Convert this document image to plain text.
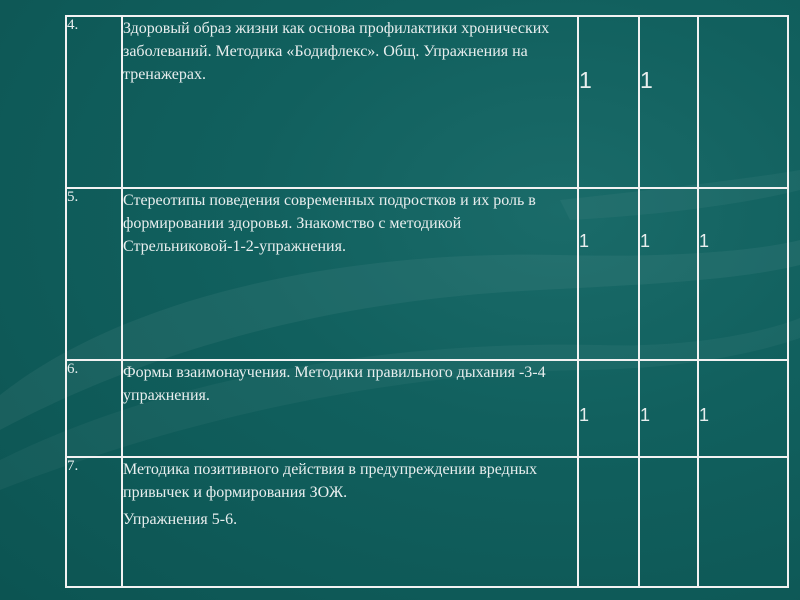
4.	Здоровый образ жизни как основа профилактики хронических заболеваний. Методика «Бодифлекс». Общ. Упражнения на тренажерах.	1	1	
5.	Стереотипы поведения современных подростков и их роль в формировании здоровья. Знакомство с методикой Стрельниковой-1-2-упражнения.	1	1	1
6.	Формы взаимонаучения. Методики правильного дыхания -3-4 упражнения.	1	1	1
7.	Методика позитивного действия в предупреждении вредных привычек и формирования ЗОЖ.

Упражнения 5-6.			
